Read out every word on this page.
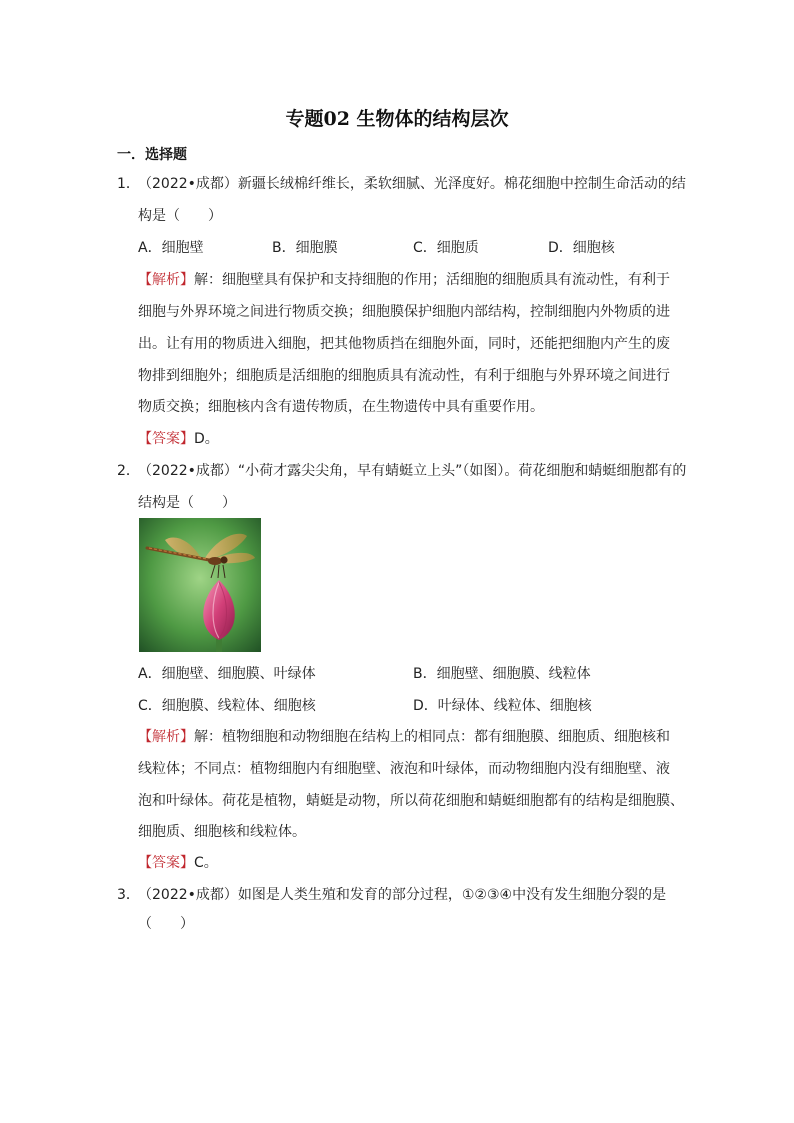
专题02 生物体的结构层次
一．选择题
1．
（2022•成都）新疆长绒棉纤维长，柔软细腻、光泽度好。棉花细胞中控制生命活动的结
构是（　　）
A．细胞壁	B．细胞膜	C．细胞质	D．细胞核
【解析】解：细胞壁具有保护和支持细胞的作用；活细胞的细胞质具有流动性，有利于
细胞与外界环境之间进行物质交换；细胞膜保护细胞内部结构，控制细胞内外物质的进
出。让有用的物质进入细胞，把其他物质挡在细胞外面，同时，还能把细胞内产生的废
物排到细胞外；细胞质是活细胞的细胞质具有流动性，有利于细胞与外界环境之间进行
物质交换；细胞核内含有遗传物质，在生物遗传中具有重要作用。
【答案】D。
2．
（2022•成都）“小荷才露尖尖角，早有蜻蜓立上头”（如图）。荷花细胞和蜻蜓细胞都有的
结构是（　　）
A．细胞壁、细胞膜、叶绿体	B．细胞壁、细胞膜、线粒体
C．细胞膜、线粒体、细胞核	D．叶绿体、线粒体、细胞核
【解析】解：植物细胞和动物细胞在结构上的相同点：都有细胞膜、细胞质、细胞核和
线粒体；不同点：植物细胞内有细胞壁、液泡和叶绿体，而动物细胞内没有细胞壁、液
泡和叶绿体。荷花是植物，蜻蜓是动物，所以荷花细胞和蜻蜓细胞都有的结构是细胞膜、
细胞质、细胞核和线粒体。
【答案】C。
3．
（2022•成都）如图是人类生殖和发育的部分过程，①②③④中没有发生细胞分裂的是
（　　）
